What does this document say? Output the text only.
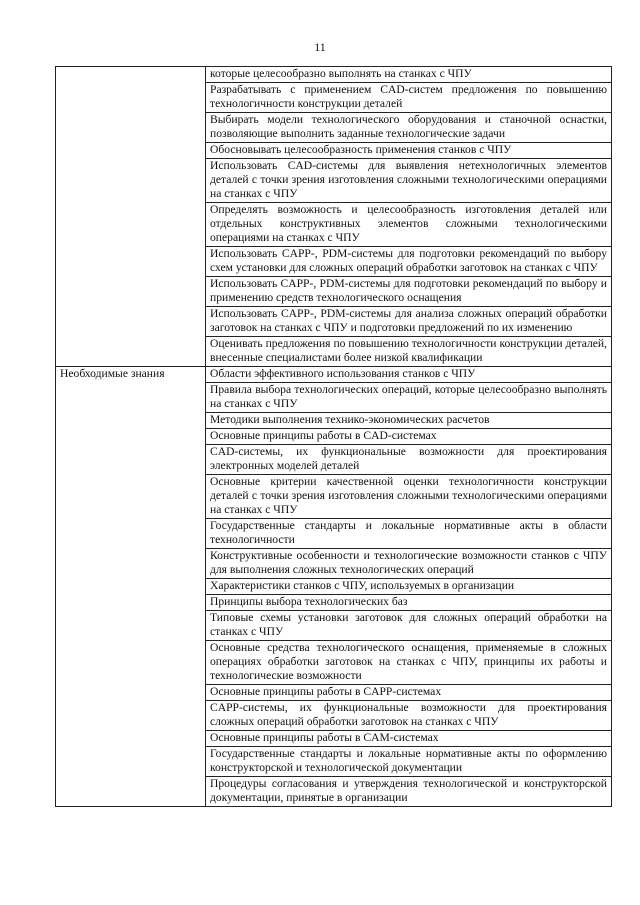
11
	которые целесообразно выполнять на станках с ЧПУ
	Разрабатывать с применением CAD-систем предложения по повышению технологичности конструкции деталей
	Выбирать модели технологического оборудования и станочной оснастки, позволяющие выполнить заданные технологические задачи
	Обосновывать целесообразность применения станков с ЧПУ
	Использовать CAD-системы для выявления нетехнологичных элементов деталей с точки зрения изготовления сложными технологическими операциями на станках с ЧПУ
	Определять возможность и целесообразность изготовления деталей или отдельных конструктивных элементов сложными технологическими операциями на станках с ЧПУ
	Использовать CAPP-, PDM-системы для подготовки рекомендаций по выбору схем установки для сложных операций обработки заготовок на станках с ЧПУ
	Использовать CAPP-, PDM-системы для подготовки рекомендаций по выбору и применению средств технологического оснащения
	Использовать CAPP-, PDM-системы для анализа сложных операций обработки заготовок на станках с ЧПУ и подготовки предложений по их изменению
	Оценивать предложения по повышению технологичности конструкции деталей, внесенные специалистами более низкой квалификации
Необходимые знания	Области эффективного использования станков с ЧПУ
	Правила выбора технологических операций, которые целесообразно выполнять на станках с ЧПУ
	Методики выполнения технико-экономических расчетов
	Основные принципы работы в CAD-системах
	CAD-системы, их функциональные возможности для проектирования электронных моделей деталей
	Основные критерии качественной оценки технологичности конструкции деталей с точки зрения изготовления сложными технологическими операциями на станках с ЧПУ
	Государственные стандарты и локальные нормативные акты в области технологичности
	Конструктивные особенности и технологические возможности станков с ЧПУ для выполнения сложных технологических операций
	Характеристики станков с ЧПУ, используемых в организации
	Принципы выбора технологических баз
	Типовые схемы установки заготовок для сложных операций обработки на станках с ЧПУ
	Основные средства технологического оснащения, применяемые в сложных операциях обработки заготовок на станках с ЧПУ, принципы их работы и технологические возможности
	Основные принципы работы в CAPP-системах
	CAPP-системы, их функциональные возможности для проектирования сложных операций обработки заготовок на станках с ЧПУ
	Основные принципы работы в CAM-системах
	Государственные стандарты и локальные нормативные акты по оформлению конструкторской и технологической документации
	Процедуры согласования и утверждения технологической и конструкторской документации, принятые в организации
